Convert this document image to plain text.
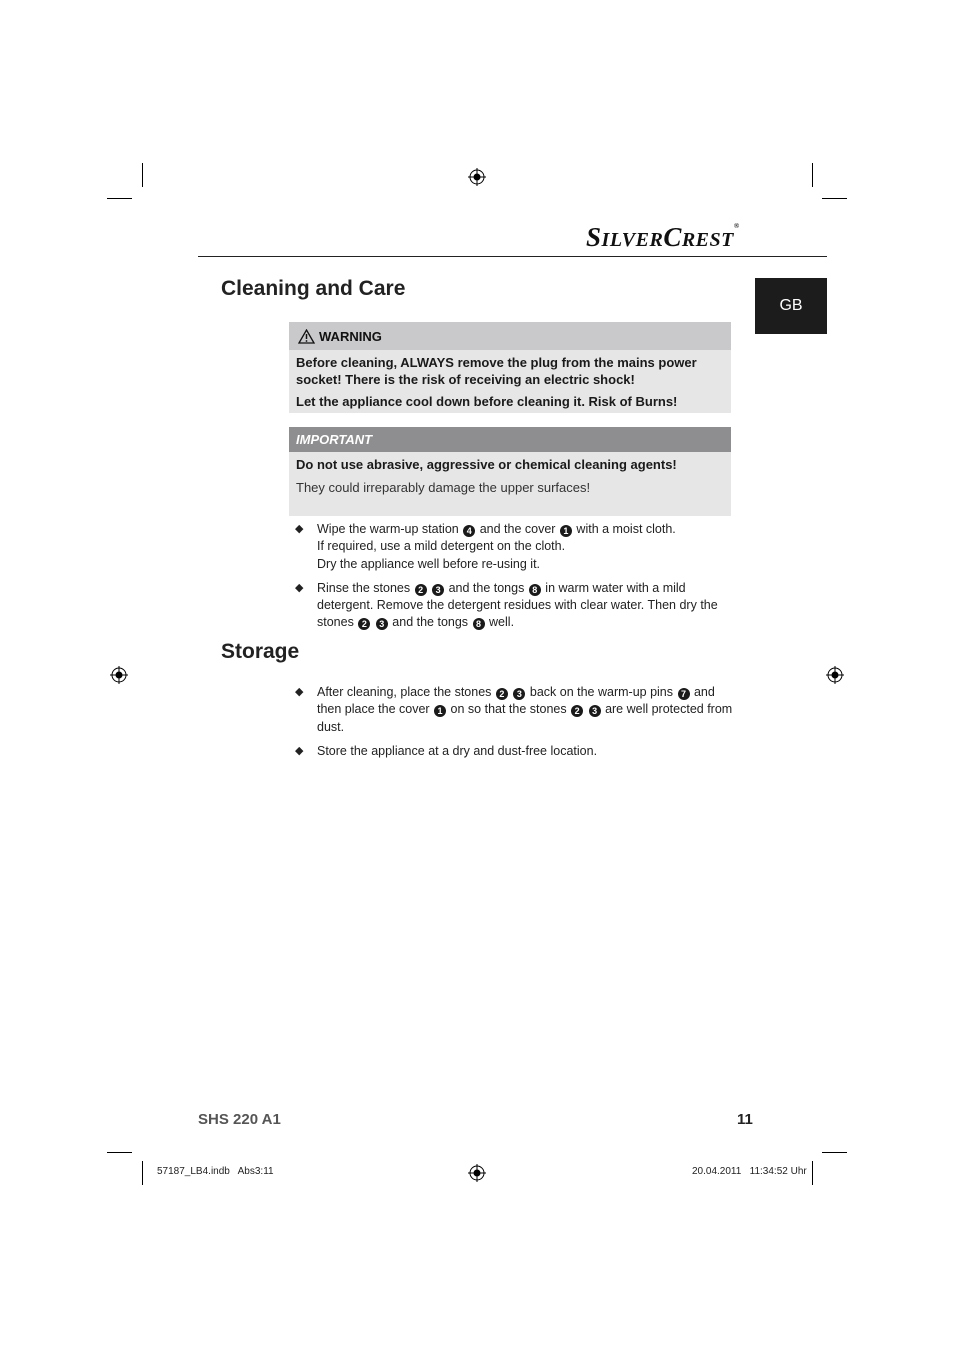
SILVERCREST®
GB
Cleaning and Care
WARNING

Before cleaning, ALWAYS remove the plug from the mains power socket! There is the risk of receiving an electric shock!

Let the appliance cool down before cleaning it. Risk of Burns!

IMPORTANT

Do not use abrasive, aggressive or chemical cleaning agents!

They could irreparably damage the upper surfaces!

◆	Wipe the warm-up station 4 and the cover 1 with a moist cloth.
If required, use a mild detergent on the cloth.
Dry the appliance well before re-using it.
◆	Rinse the stones 2 3 and the tongs 8 in warm water with a mild detergent. Remove the detergent residues with clear water. Then dry the stones 2 3 and the tongs 8 well.
Storage
◆	After cleaning, place the stones 2 3 back on the warm-up pins 7 and then place the cover 1 on so that the stones 2 3 are well protected from dust.
◆	Store the appliance at a dry and dust-free location.
SHS 220 A1	11
57187_LB4.indb   Abs3:11	20.04.2011   11:34:52 Uhr
